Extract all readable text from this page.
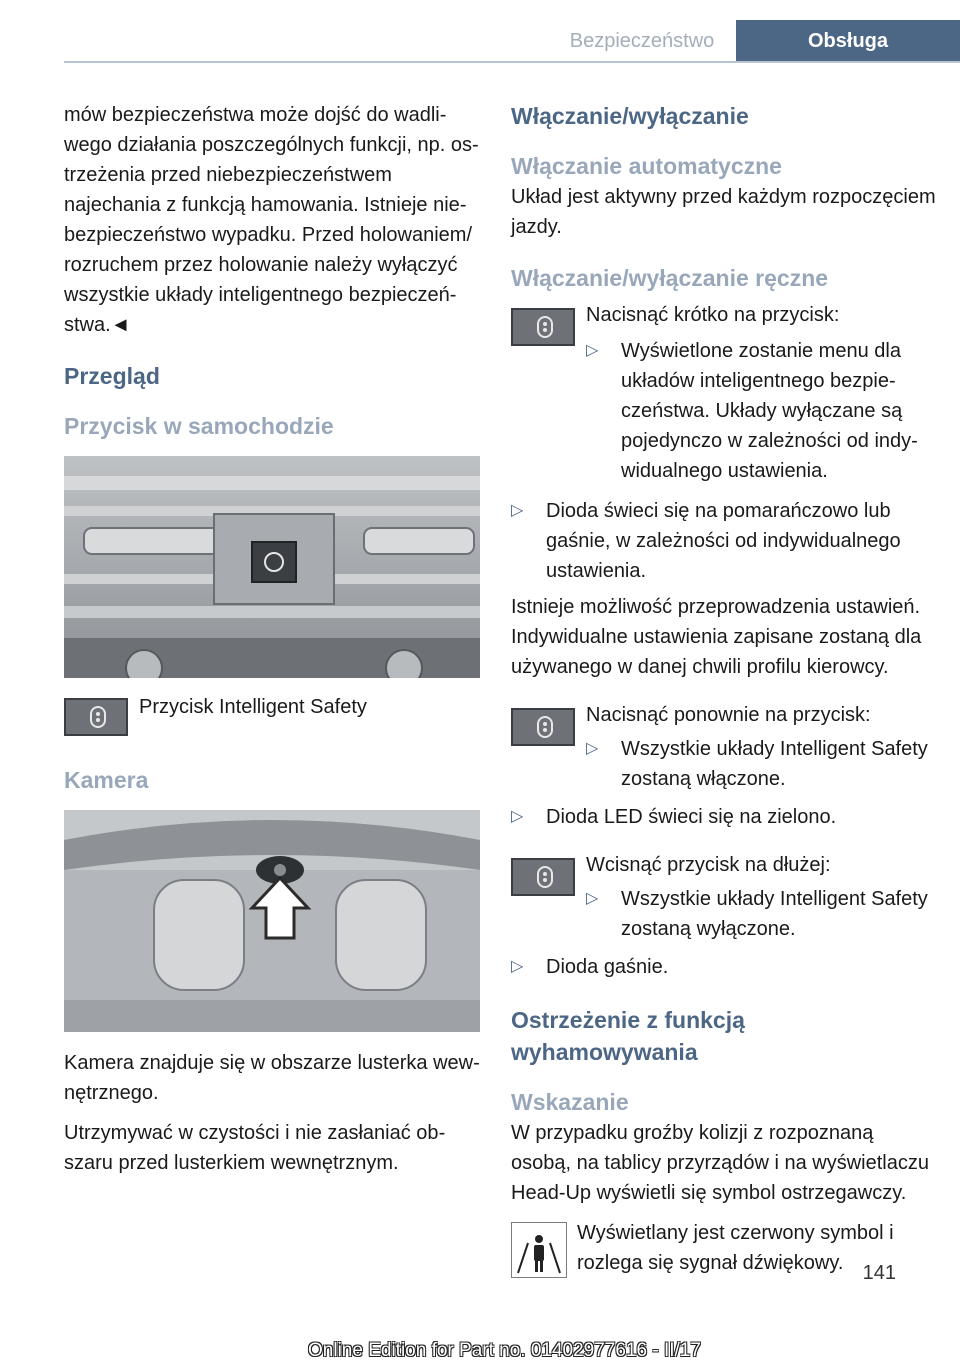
Bezpieczeństwo	Obsługa

mów bezpieczeństwa może dojść do wadliwego działania poszczególnych funkcji, np. ostrzeżenia przed niebezpieczeństwem najechania z funkcją hamowania. Istnieje niebezpieczeństwo wypadku. Przed holowaniem/ rozruchem przez holowanie należy wyłączyć wszystkie układy inteligentnego bezpieczeństwa.◄

Przegląd
Przycisk w samochodzie

Przycisk Intelligent Safety

Kamera

Kamera znajduje się w obszarze lusterka wewnętrznego.

Utrzymywać w czystości i nie zasłaniać obszaru przed lusterkiem wewnętrznym.

Włączanie/wyłączanie
Włączanie automatyczne

Układ jest aktywny przed każdym rozpoczęciem jazdy.

Włączanie/wyłączanie ręczne

Nacisnąć krótko na przycisk:

▷	Wyświetlone zostanie menu dla układów inteligentnego bezpieczeństwa. Układy wyłączane są pojedynczo w zależności od indywidualnego ustawienia.
▷	Dioda świeci się na pomarańczowo lub gaśnie, w zależności od indywidualnego ustawienia.

Istnieje możliwość przeprowadzenia ustawień. Indywidualne ustawienia zapisane zostaną dla używanego w danej chwili profilu kierowcy.

Nacisnąć ponownie na przycisk:

▷	Wszystkie układy Intelligent Safety zostaną włączone.
▷	Dioda LED świeci się na zielono.

Wcisnąć przycisk na dłużej:

▷	Wszystkie układy Intelligent Safety zostaną wyłączone.
▷	Dioda gaśnie.
Ostrzeżenie z funkcją wyhamowywania
Wskazanie

W przypadku groźby kolizji z rozpoznaną osobą, na tablicy przyrządów i na wyświetlaczu Head-Up wyświetli się symbol ostrzegawczy.

Wyświetlany jest czerwony symbol i rozlega się sygnał dźwiękowy. 141
Online Edition for Part no. 01402977616 - II/17
